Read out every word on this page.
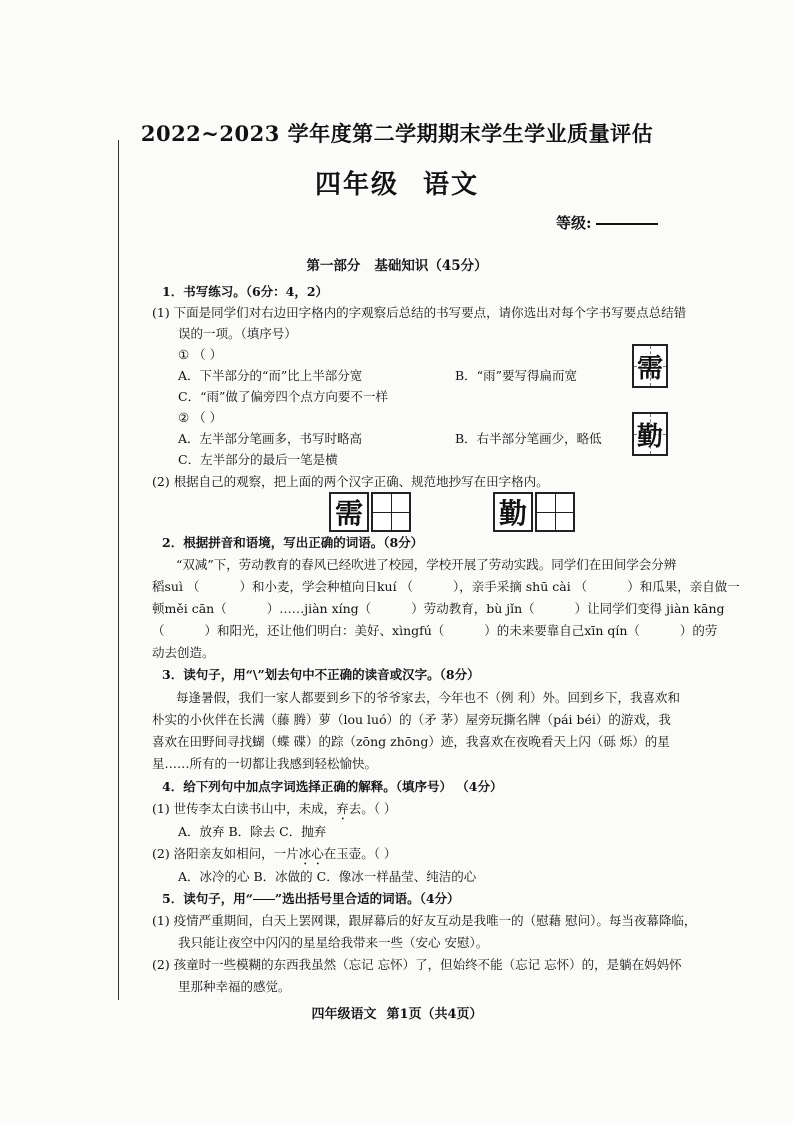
2022~2023 学年度第二学期期末学生学业质量评估
四年级 语文
等级:
第一部分 基础知识（45分）
1．书写练习。（6分：4，2）
(1) 下面是同学们对右边田字格内的字观察后总结的书写要点，请你选出对每个字书写要点总结错
误的一项。（填序号）
① （ ）
A．下半部分的“而”比上半部分宽	B．“雨”要写得扁而宽
C．“雨”做了偏旁四个点方向要不一样
② （ ）
A．左半部分笔画多，书写时略高	B．右半部分笔画少，略低
C．左半部分的最后一笔是横
需
勤
(2) 根据自己的观察，把上面的两个汉字正确、规范地抄写在田字格内。
需	勤
2．根据拼音和语境，写出正确的词语。（8分）
“双减”下，劳动教育的春风已经吹进了校园，学校开展了劳动实践。同学们在田间学会分辨
稻suì （	）和小麦，学会种植向日kuí （	），亲手采摘 shū cài （	）和瓜果，亲自做一
顿měi cān（	）……jiàn xíng（	）劳动教育，bù jǐn（	）让同学们变得 jiàn kāng
（	）和阳光，还让他们明白：美好、xìngfú（	）的未来要靠自己xīn qín（	）的劳
动去创造。
3．读句子，用“\”划去句中不正确的读音或汉字。（8分）
每逢暑假，我们一家人都要到乡下的爷爷家去，今年也不（例 利）外。回到乡下，我喜欢和
朴实的小伙伴在长满（藤 腾）萝（lou luó）的（矛 茅）屋旁玩撕名牌（pái béi）的游戏，我
喜欢在田野间寻找蝴（蝶 碟）的踪（zōng zhōng）迹，我喜欢在夜晚看天上闪（砾 烁）的星
星……所有的一切都让我感到轻松愉快。
4．给下列句中加点字词选择正确的解释。（填序号） （4分）
(1) 世传李太白读书山中，未成，弃去。（ ）
A．放弃 B．除去 C．抛弃
(2) 洛阳亲友如相问，一片冰心在玉壶。（ ）
A．冰冷的心 B．冰做的 C．像冰一样晶莹、纯洁的心
5．读句子，用“ ”选出括号里合适的词语。（4分）
(1) 疫情严重期间，白天上罢网课，跟屏幕后的好友互动是我唯一的（慰藉 慰问）。每当夜幕降临，
我只能让夜空中闪闪的星星给我带来一些（安心 安慰）。
(2) 孩童时一些模糊的东西我虽然（忘记 忘怀）了，但始终不能（忘记 忘怀）的，是躺在妈妈怀
里那种幸福的感觉。
四年级语文 第1页（共4页）
